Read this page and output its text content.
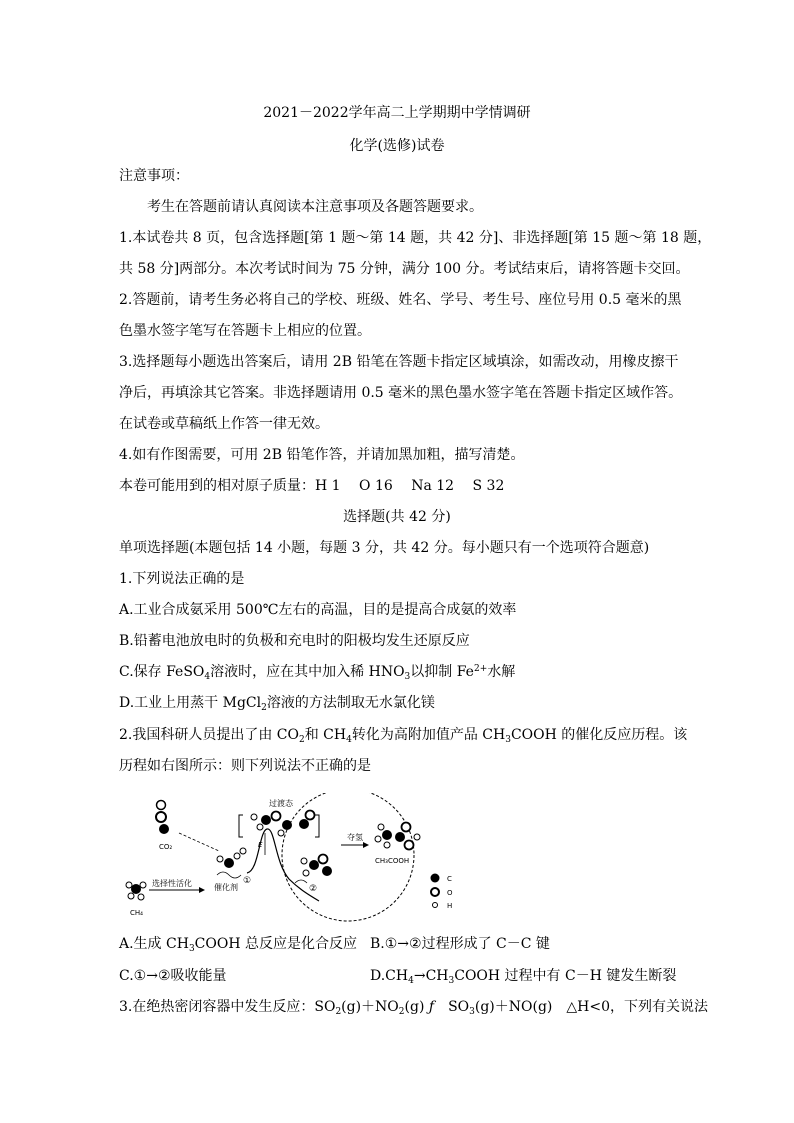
2021－2022学年高二上学期期中学情调研
化学(选修)试卷
注意事项：
考生在答题前请认真阅读本注意事项及各题答题要求。
1.本试卷共 8 页，包含选择题[第 1 题～第 14 题，共 42 分]、非选择题[第 15 题～第 18 题，
共 58 分]两部分。本次考试时间为 75 分钟，满分 100 分。考试结束后，请将答题卡交回。
2.答题前，请考生务必将自己的学校、班级、姓名、学号、考生号、座位号用 0.5 毫米的黑
色墨水签字笔写在答题卡上相应的位置。
3.选择题每小题选出答案后，请用 2B 铅笔在答题卡指定区域填涂，如需改动，用橡皮擦干
净后，再填涂其它答案。非选择题请用 0.5 毫米的黑色墨水签字笔在答题卡指定区域作答。
在试卷或草稿纸上作答一律无效。
4.如有作图需要，可用 2B 铅笔作答，并请加黑加粗，描写清楚。
本卷可能用到的相对原子质量：H 1　 O 16　 Na 12　 S 32
选择题(共 42 分)
单项选择题(本题包括 14 小题，每题 3 分，共 42 分。每小题只有一个选项符合题意)
1.下列说法正确的是
A.工业合成氨采用 500℃左右的高温，目的是提高合成氨的效率
B.铅蓄电池放电时的负极和充电时的阳极均发生还原反应
C.保存 FeSO$_4$溶液时，应在其中加入稀 $HNO_3$以抑制 $Fe^{2+}$水解
D.工业上用蒸干 MgCl$_2$溶液的方法制取无水氯化镁
2.我国科研人员提出了由 $CO_2$和 $CH_4$转化为高附加值产品 $CH_3COOH$ 的催化反应历程。该
历程如右图所示：则下列说法不正确的是
CO₂
CH₄
选择性活化	催化剂
①
E
过渡态
②
夺氢
CH₃COOH
C
O
H
A.生成 $CH_3COOH$ 总反应是化合反应 B.①→②过程形成了 C－C 键
C.①→②吸收能量	$D.CH_4\to CH_3COOH$ 过程中有 C－H 键发生断裂
3.在绝热密闭容器中发生反应：$SO_2(g)+NO_2(g)$ ƒ　 $SO_3(g)+NO(g)$　△H<0，下列有关说法
